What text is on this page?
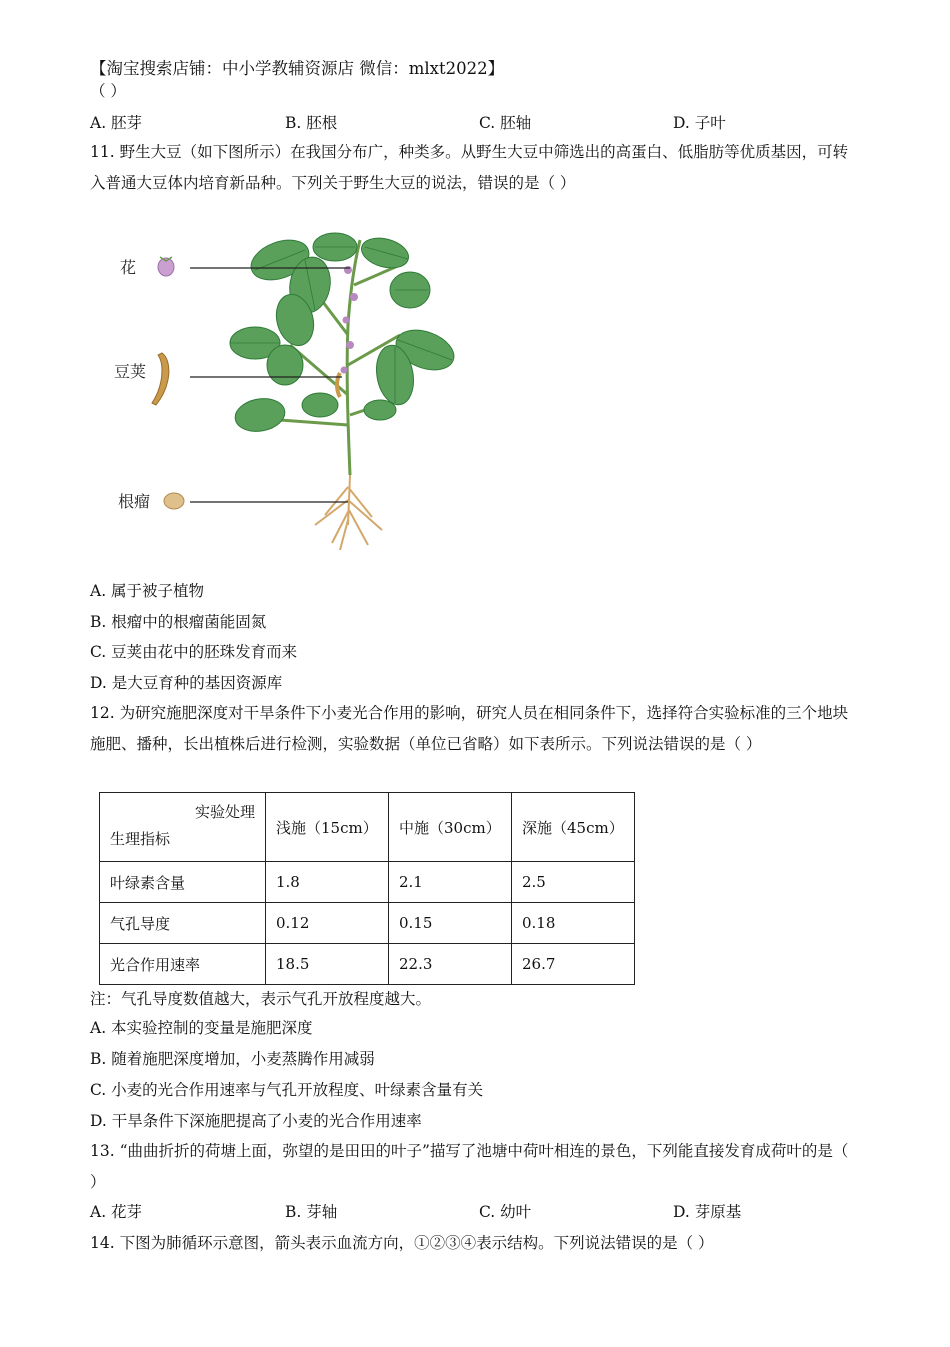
【淘宝搜索店铺：中小学教辅资源店 微信：mlxt2022】
（ ）
A. 胚芽	B. 胚根	C. 胚轴	D. 子叶
11. 野生大豆（如下图所示）在我国分布广，种类多。从野生大豆中筛选出的高蛋白、低脂肪等优质基因，可转入普通大豆体内培育新品种。下列关于野生大豆的说法，错误的是（ ）
花
豆荚
根瘤
A. 属于被子植物
B. 根瘤中的根瘤菌能固氮
C. 豆荚由花中的胚珠发育而来
D. 是大豆育种的基因资源库
12. 为研究施肥深度对干旱条件下小麦光合作用的影响，研究人员在相同条件下，选择符合实验标准的三个地块施肥、播种，长出植株后进行检测，实验数据（单位已省略）如下表所示。下列说法错误的是（ ）
实验处理
生理指标	浅施（15cm）	中施（30cm）	深施（45cm）
叶绿素含量	1.8	2.1	2.5
气孔导度	0.12	0.15	0.18
光合作用速率	18.5	22.3	26.7
注：气孔导度数值越大，表示气孔开放程度越大。
A. 本实验控制的变量是施肥深度
B. 随着施肥深度增加，小麦蒸腾作用减弱
C. 小麦的光合作用速率与气孔开放程度、叶绿素含量有关
D. 干旱条件下深施肥提高了小麦的光合作用速率
13. “曲曲折折的荷塘上面，弥望的是田田的叶子”描写了池塘中荷叶相连的景色，下列能直接发育成荷叶的是（ ）
A. 花芽	B. 芽轴	C. 幼叶	D. 芽原基
14. 下图为肺循环示意图，箭头表示血流方向，①②③④表示结构。下列说法错误的是（ ）
